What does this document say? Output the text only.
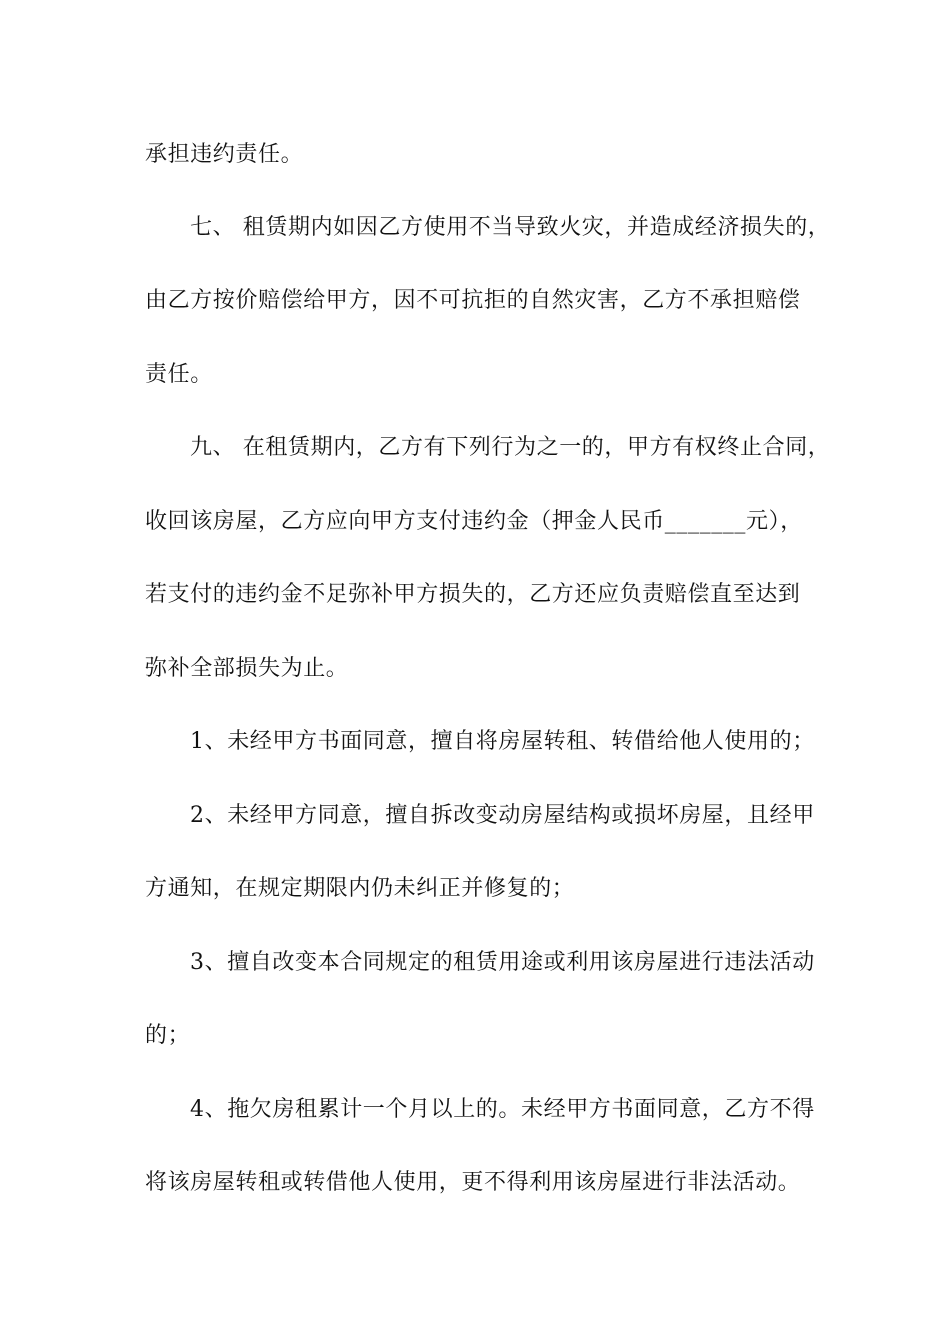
承担违约责任。
七、 租赁期内如因乙方使用不当导致火灾，并造成经济损失的，
由乙方按价赔偿给甲方，因不可抗拒的自然灾害，乙方不承担赔偿
责任。
九、 在租赁期内，乙方有下列行为之一的，甲方有权终止合同，
收回该房屋，乙方应向甲方支付违约金（押金人民币_______元），
若支付的违约金不足弥补甲方损失的，乙方还应负责赔偿直至达到
弥补全部损失为止。
1、未经甲方书面同意，擅自将房屋转租、转借给他人使用的；
2、未经甲方同意，擅自拆改变动房屋结构或损坏房屋，且经甲
方通知，在规定期限内仍未纠正并修复的；
3、擅自改变本合同规定的租赁用途或利用该房屋进行违法活动
的；
4、拖欠房租累计一个月以上的。未经甲方书面同意，乙方不得
将该房屋转租或转借他人使用，更不得利用该房屋进行非法活动。
